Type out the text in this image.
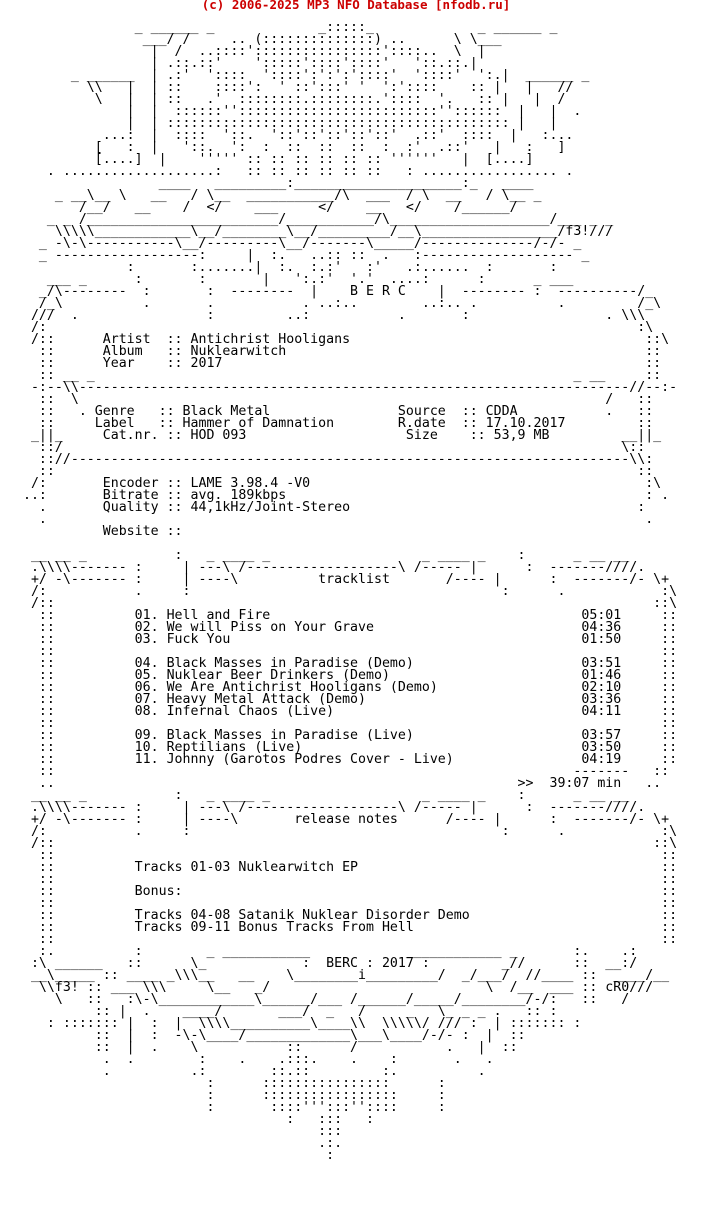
(c) 2006-2025 MP3 NFO Database [nfodb.ru]

_ ______ _             _:::::_             _ ______ _
___/ /     .. (::::::::::::::) ..      \ \___
|  /  ..::::'::::::::::::::::'::::..  \  |
| .::.::'    ':::::'::::'::::'   '::.::.|
_ ______  | .:'  '::::  '::::':':':'::::'  '::::'  ':.|  ______ _
\\   |  | ::    ::::':  ' ::':::' '  ':'::::    :: |   |   //
\   |  | ::   .'  ::::::::.::::::::.'::::  '.   :: |   |  /
|  |  ::::::'':::::::::::::::::::::::::''::::::  |   |  .
|  | ::::::::::::::::::::::::::::::::::::::::::: |   |
...:  |  ::::  '::.  '::'::'::'::'::'  .::'  ::::  |   :...
[   :  |   '::.  ':  :  ::  ::  ::  :  :'  .::'   |   :   ]
[....]  |    ''''' :: :: :: :: :: :: ''''''   |  [....]
. ...................:   :: :: :: :: :: ::   : ................. .
____   _________:_____________________:_   ____
_ __\__ \   __   / \__  ___________/\  ___  / \  __   / \__ _
/__/   __    /  </    ___     </    __   </    /______/
_ _ /________________________/___________/\____________________/___ _ _
\\\\\____________\__/________\__/_________/__\_________________/f3!///
_ -\-\-----------\__/---------\__/-------\_____/--------------/-/- _
_ ------------------:     |  :.   ..:: ::  .   :------------------- _
:       :.......|  :.  :.:'   :'   .:......  :       :
___ _      :       :       |   ':.:'  '.'  ....:      :      _ ___
_/\--------  :       :  --------  |    B E R C    |  -------- :  ----------/_
/_\          .       .           . ..:..        ..:.. .          .         /_\
///  .                :         ..:           .       :                 . \\\
/:                                                                          :\
/::      Artist  :: Antichrist Hooligans                                     ::\
::      Album   :: Nuklearwitch                                             ::
::      Year    :: 2017                                                     ::
:: __ _                                                            _ __     ::
-:--\\---------------------------------------------------------------------//--:-
::  \                                                                  /   ::
::   . Genre   :: Black Metal                Source  :: CDDA           .   ::
::     Label   :: Hammer of Damnation        R.date  :: 17.10.2017         ::
_||_     Cat.nr. :: HOD 093                    Size    :: 53,9 MB         __||_
::/                                                                      \::
:://----------------------------------------------------------------------\\:
::                                                                         ::
/:       Encoder :: LAME 3.98.4 -V0                                          :\
..:       Bitrate :: avg. 189kbps                                             : .
.       Quality :: 44,1kHz/Joint-Stereo                                    :
.                                                                           .
Website ::

__ __ _           :   _ ____ _                   _ ____ _    :      _ __ __
.\\\\------- :     | ---\ /-------------------\ /----- |      :  -------////.
+/ -\------- :     | ----\          tracklist       /---- |      :  -------/- \+
/:           .     :                                       :      .            :\
/::                                                                           ::\
::          01. Hell and Fire                                       05:01     ::
::          02. We will Piss on Your Grave                          04:36     ::
::          03. Fuck You                                            01:50     ::
::                                                                            ::
::          04. Black Masses in Paradise (Demo)                     03:51     ::
::          05. Nuklear Beer Drinkers (Demo)                        01:46     ::
::          06. We Are Antichrist Hooligans (Demo)                  02:10     ::
::          07. Heavy Metal Attack (Demo)                           03:36     ::
::          08. Infernal Chaos (Live)                               04:11     ::
::                                                                            ::
::          09. Black Masses in Paradise (Live)                     03:57     ::
::          10. Reptilians (Live)                                   03:50     ::
::          11. Johnny (Garotos Podres Cover - Live)                04:19     ::
::                                                                 -------   ::
..                                                          >>  39:07 min   ..
__ __ _           :   _ ____ _                   _ ____ _    :      _ __ __
.\\\\------- :     | ---\ /-------------------\ /----- |      :  -------////.
+/ -\------- :     | ----\       release notes      /---- |      :  -------/- \+
/:           .     :                                       :      .            :\
/::                                                                           ::\
::                                                                            ::
::          Tracks 01-03 Nuklearwitch EP                                      ::
::                                                                            ::
::          Bonus:                                                            ::
::                                                                            ::
::          Tracks 04-08 Satanik Nuklear Disorder Demo                        ::
::          Tracks 09-11 Bonus Tracks From Hell                               ::
::                                                                            ::
:.          :        _ ___________            ____________ _       :.    .:
:\ ______   ::      \_            :  BERC : 2017 :         _//      ::  __:/
__\_____ :: ____ _\\\__   __    \________i_________/  _/___/  //____ ::  ____/__
\\f3! :: ___ \\\     \__   _/                           \  /__  ___ :: cR0///
\   ::   :\-\____________\______/___ /______/_____/________/-/:   ::   /
:: |  .    ____/       ___/  _   /     _   \_ _ _ .   :: :
: ::::::: |  :  |  \\\\__________\____\\  \\\\\/ /// :  | ::::::: :
::  |  :  -\-\____/_____________\___\____/-/- :  |  ::
::  |  .    \           ::      /           .   |  ::
.  .        :    .    .:::.    .    :       .   .
.          .:        ::.::         :.          .
:      ::::::::::::::::      :
:      :::::::::::::::::     :
:       ::::''':::''::::     :
:   :::   :
:::
.:.
:
